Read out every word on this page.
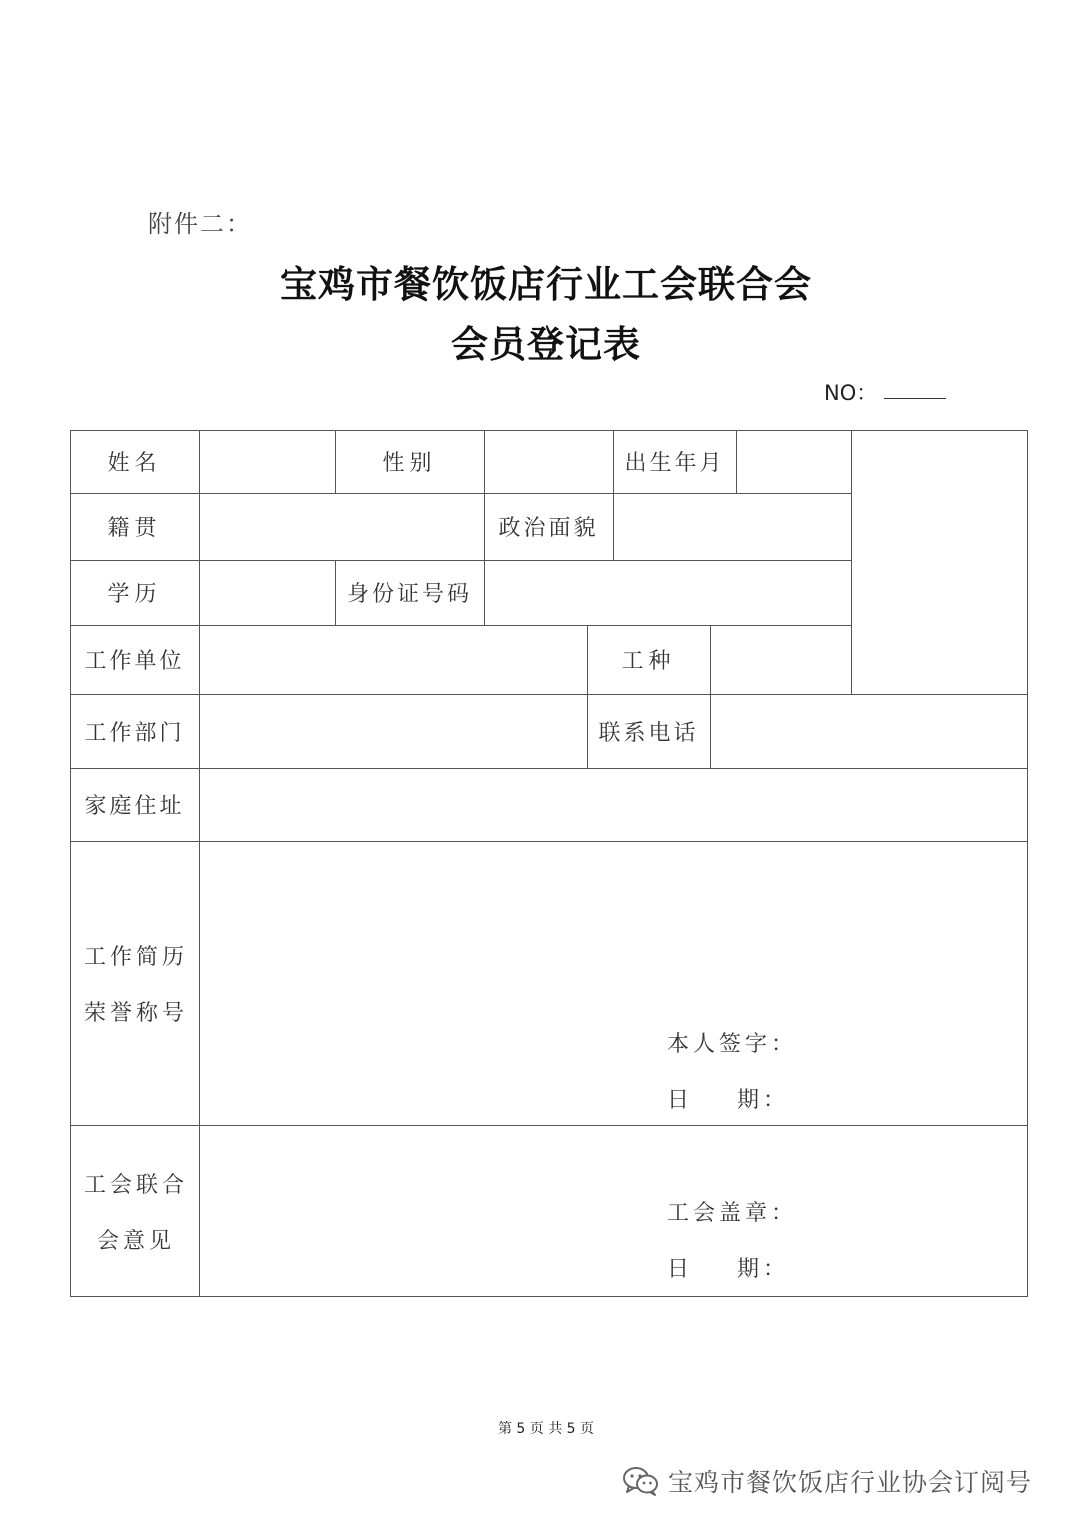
附件二：
宝鸡市餐饮饭店行业工会联合会
会员登记表
NO：
姓名	性别	出生年月
籍贯	政治面貌
学历	身份证号码
工作单位	工种
工作部门	联系电话
家庭住址
工作简历
荣誉称号
本人签字：
日    期：
工会联合
会意见
工会盖章：
日    期：
第 5 页 共 5 页
宝鸡市餐饮饭店行业协会订阅号
